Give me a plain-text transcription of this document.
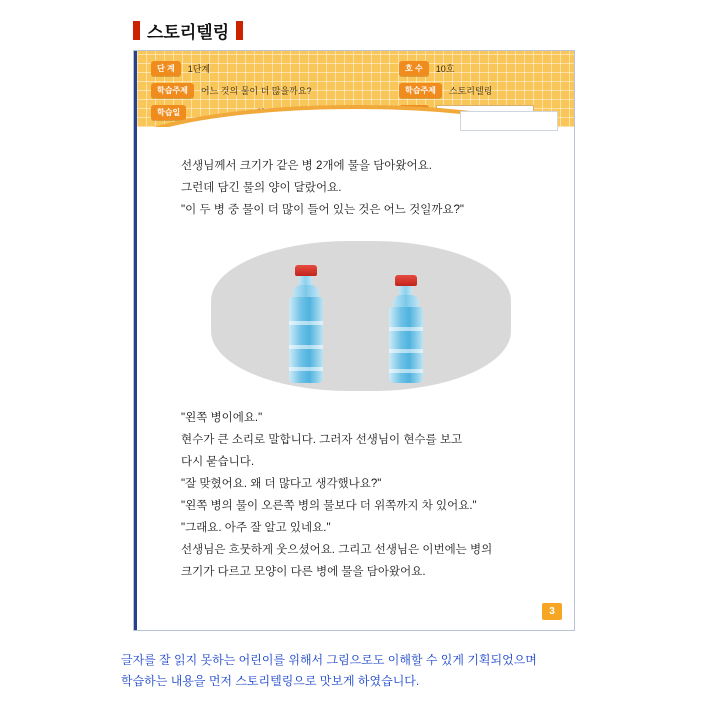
스토리텔링
단 계	1단계	호 수	10호
학습주제	어느 것의 물이 더 많을까요?	학습주제	스토리텔링
학습일

선생님께서 크기가 같은 병 2개에 물을 담아왔어요.

그런데 담긴 물의 양이 달랐어요.

"이 두 병 중 물이 더 많이 들어 있는 것은 어느 것일까요?"

"왼쪽 병이에요."

현수가 큰 소리로 말합니다. 그러자 선생님이 현수를 보고

다시 묻습니다.

"잘 맞혔어요. 왜 더 많다고 생각했나요?"

"왼쪽 병의 물이 오른쪽 병의 물보다 더 위쪽까지 차 있어요."

"그래요. 아주 잘 알고 있네요."

선생님은 흐뭇하게 웃으셨어요. 그리고 선생님은 이번에는 병의

크기가 다르고 모양이 다른 병에 물을 담아왔어요.

3

글자를 잘 읽지 못하는 어린이를 위해서 그림으로도 이해할 수 있게 기획되었으며

학습하는 내용을 먼저 스토리텔링으로 맛보게 하였습니다.
